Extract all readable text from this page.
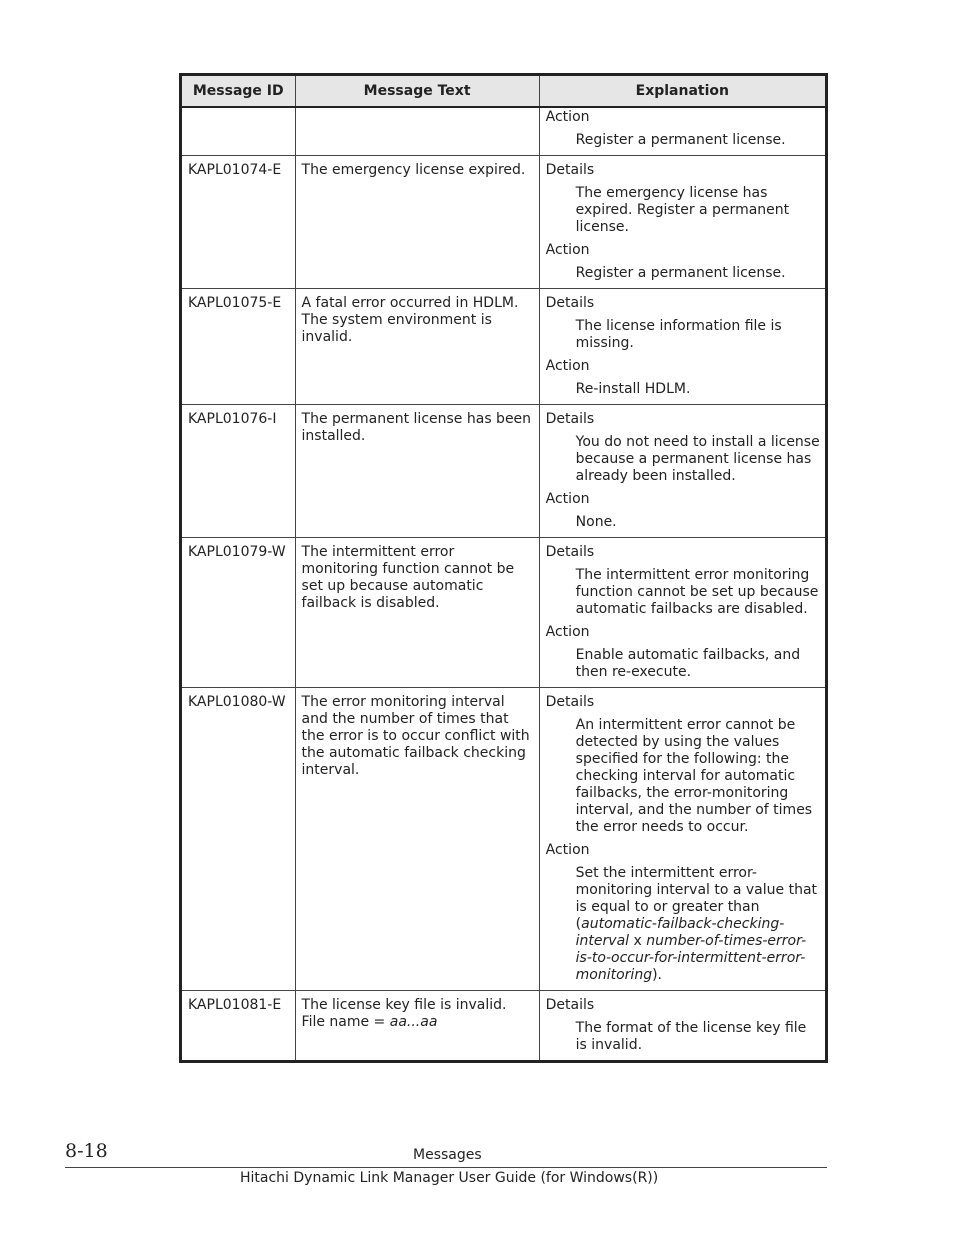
Message ID	Message Text	Explanation

		Action
Register a permanent license.

KAPL01074-E	The emergency license expired.	Details
The emergency license has expired. Register a permanent license.
Action
Register a permanent license.

KAPL01075-E	A fatal error occurred in HDLM. The system environment is invalid.	Details
The license information file is missing.
Action
Re-install HDLM.

KAPL01076-I	The permanent license has been installed.	Details
You do not need to install a license because a permanent license has already been installed.
Action
None.

KAPL01079-W	The intermittent error monitoring function cannot be set up because automatic failback is disabled.	Details
The intermittent error monitoring function cannot be set up because automatic failbacks are disabled.
Action
Enable automatic failbacks, and then re-execute.

KAPL01080-W	The error monitoring interval and the number of times that the error is to occur conflict with the automatic failback checking interval.	Details
An intermittent error cannot be detected by using the values specified for the following: the checking interval for automatic failbacks, the error-monitoring interval, and the number of times the error needs to occur.
Action
Set the intermittent error-monitoring interval to a value that is equal to or greater than (automatic-failback-checking-interval x number-of-times-error-is-to-occur-for-intermittent-error-monitoring).

KAPL01081-E	The license key file is invalid. File name = aa...aa	Details
The format of the license key file is invalid.
8-18	Messages
Hitachi Dynamic Link Manager User Guide (for Windows(R))
